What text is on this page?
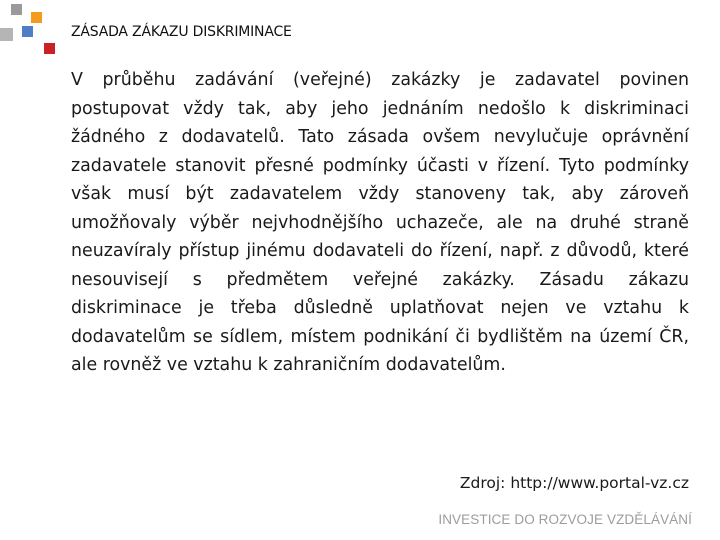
ZÁSADA ZÁKAZU DISKRIMINACE

V průběhu zadávání (veřejné) zakázky je zadavatel povinen postupovat vždy tak, aby jeho jednáním nedošlo k diskriminaci žádného z dodavatelů. Tato zásada ovšem nevylučuje oprávnění zadavatele stanovit přesné podmínky účasti v řízení. Tyto podmínky však musí být zadavatelem vždy stanoveny tak, aby zároveň umožňovaly výběr nejvhodnějšího uchazeče, ale na druhé straně neuzavíraly přístup jinému dodavateli do řízení, např. z důvodů, které nesouvisejí s předmětem veřejné zakázky. Zásadu zákazu diskriminace je třeba důsledně uplatňovat nejen ve vztahu k dodavatelům se sídlem, místem podnikání či bydlištěm na území ČR, ale rovněž ve vztahu k zahraničním dodavatelům.

Zdroj: http://www.portal-vz.cz
INVESTICE DO ROZVOJE VZDĚLÁVÁNÍ
